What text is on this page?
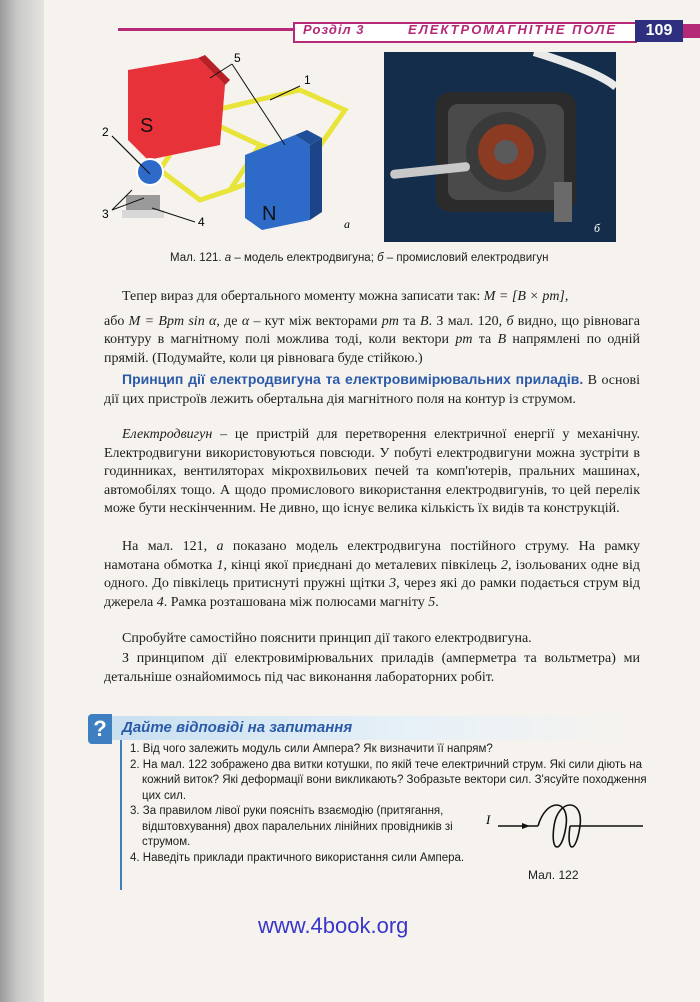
Розділ 3	ЕЛЕКТРОМАГНІТНЕ ПОЛЕ	109
5
1
2
3
4
S
N	а	б
Мал. 121. а – модель електродвигуна; б – промисловий електродвигун

Тепер вираз для обертального моменту можна записати так: M = [B × pm],

або M = Bpm sin α, де α – кут між векторами pm та B. З мал. 120, б видно, що рівновага контуру в магнітному полі можлива тоді, коли вектори pm та B напрямлені по одній прямій. (Подумайте, коли ця рівновага буде стійкою.)

Принцип дії електродвигуна та електровимірювальних приладів. В основі дії цих пристроїв лежить обертальна дія магнітного поля на контур із струмом.

Електродвигун – це пристрій для перетворення електричної енергії у механічну. Електродвигуни використовуються повсюди. У побуті електродвигуни можна зустріти в годинниках, вентиляторах мікрохвильових печей та комп'ютерів, пральних машинах, автомобілях тощо. А щодо промислового використання електродвигунів, то цей перелік може бути нескінченним. Не дивно, що існує велика кількість їх видів та конструкцій.

На мал. 121, а показано модель електродвигуна постійного струму. На рамку намотана обмотка 1, кінці якої приєднані до металевих півкілець 2, ізольованих одне від одного. До півкілець притиснуті пружні щітки 3, через які до рамки подається струм від джерела 4. Рамка розташована між полюсами магніту 5.

Спробуйте самостійно пояснити принцип дії такого електродвигуна.

З принципом дії електровимірювальних приладів (амперметра та вольтметра) ми детальніше ознайомимось під час виконання лабораторних робіт.

?	Дайте відповіді на запитання
1. Від чого залежить модуль сили Ампера? Як визначити її напрям?
2. На мал. 122 зображено два витки котушки, по якій тече електричний струм. Які сили діють на кожний виток? Які деформації вони викликають? Зобразьте вектори сил. З'ясуйте походження цих сил.
3. За правилом лівої руки поясніть взаємодію (притягання, відштовхування) двох паралельних лінійних провідників зі струмом.
4. Наведіть приклади практичного використання сили Ампера.
I
Мал. 122
www.4book.org
